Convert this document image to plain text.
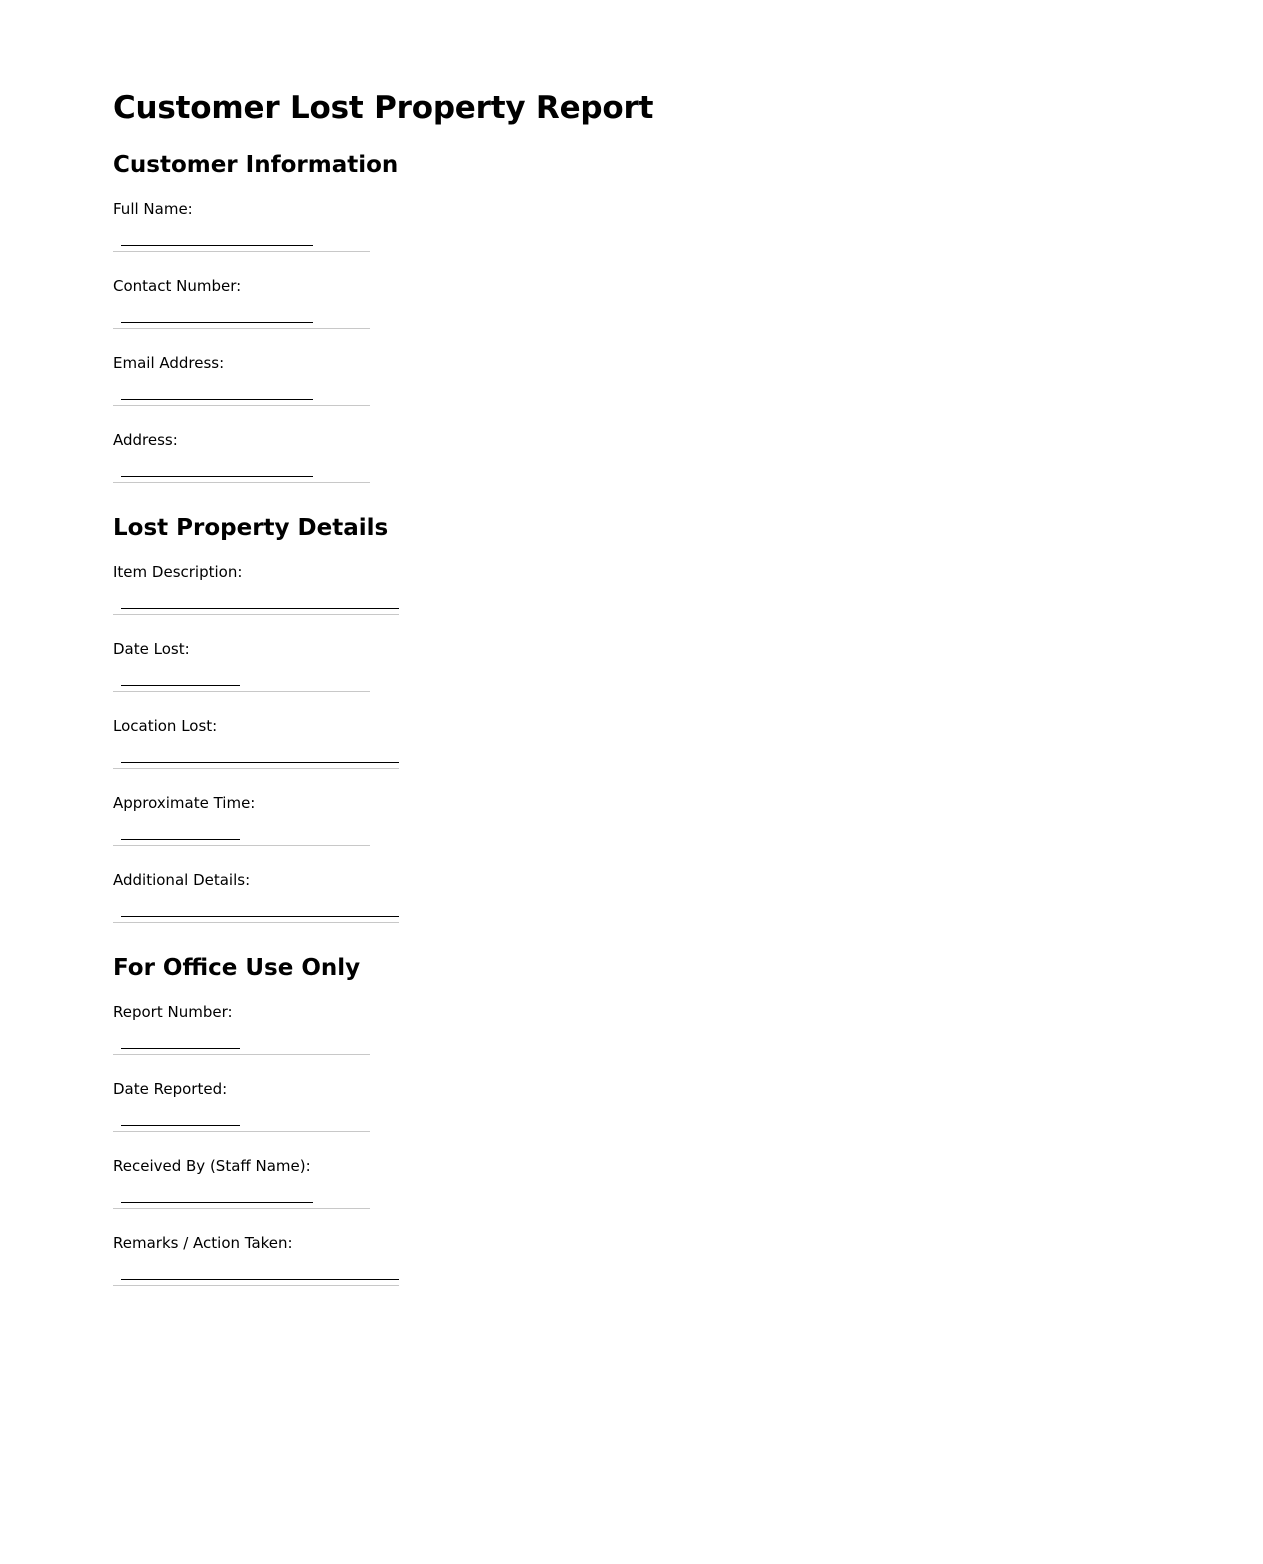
Customer Lost Property Report
Customer Information
Full Name:
Contact Number:
Email Address:
Address:
Lost Property Details
Item Description:
Date Lost:
Location Lost:
Approximate Time:
Additional Details:
For Office Use Only
Report Number:
Date Reported:
Received By (Staff Name):
Remarks / Action Taken:
